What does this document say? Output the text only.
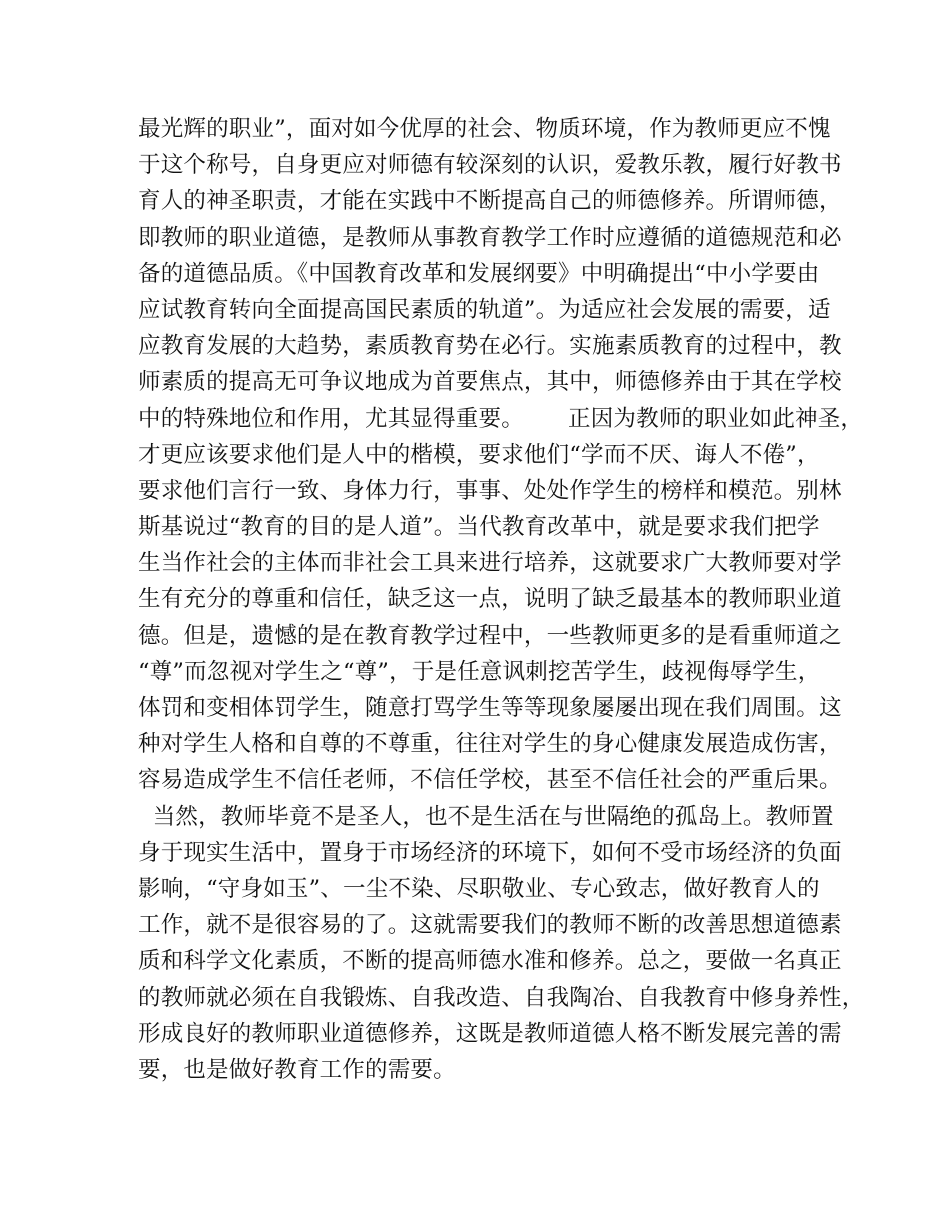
最光辉的职业”，面对如今优厚的社会、物质环境，作为教师更应不愧
于这个称号，自身更应对师德有较深刻的认识，爱教乐教，履行好教书
育人的神圣职责，才能在实践中不断提高自己的师德修养。所谓师德，
即教师的职业道德，是教师从事教育教学工作时应遵循的道德规范和必
备的道德品质。《中国教育改革和发展纲要》中明确提出“中小学要由
应试教育转向全面提高国民素质的轨道”。为适应社会发展的需要，适
应教育发展的大趋势，素质教育势在必行。实施素质教育的过程中，教
师素质的提高无可争议地成为首要焦点，其中，师德修养由于其在学校
中的特殊地位和作用，尤其显得重要。      正因为教师的职业如此神圣，
才更应该要求他们是人中的楷模，要求他们“学而不厌、诲人不倦”，
要求他们言行一致、身体力行，事事、处处作学生的榜样和模范。别林
斯基说过“教育的目的是人道”。当代教育改革中，就是要求我们把学
生当作社会的主体而非社会工具来进行培养，这就要求广大教师要对学
生有充分的尊重和信任，缺乏这一点，说明了缺乏最基本的教师职业道
德。但是，遗憾的是在教育教学过程中，一些教师更多的是看重师道之
“尊”而忽视对学生之“尊”，于是任意讽刺挖苦学生，歧视侮辱学生，
体罚和变相体罚学生，随意打骂学生等等现象屡屡出现在我们周围。这
种对学生人格和自尊的不尊重，往往对学生的身心健康发展造成伤害，
容易造成学生不信任老师，不信任学校，甚至不信任社会的严重后果。
当然，教师毕竟不是圣人，也不是生活在与世隔绝的孤岛上。教师置
身于现实生活中，置身于市场经济的环境下，如何不受市场经济的负面
影响，“守身如玉”、一尘不染、尽职敬业、专心致志，做好教育人的
工作，就不是很容易的了。这就需要我们的教师不断的改善思想道德素
质和科学文化素质，不断的提高师德水准和修养。总之，要做一名真正
的教师就必须在自我锻炼、自我改造、自我陶冶、自我教育中修身养性，
形成良好的教师职业道德修养，这既是教师道德人格不断发展完善的需
要，也是做好教育工作的需要。
